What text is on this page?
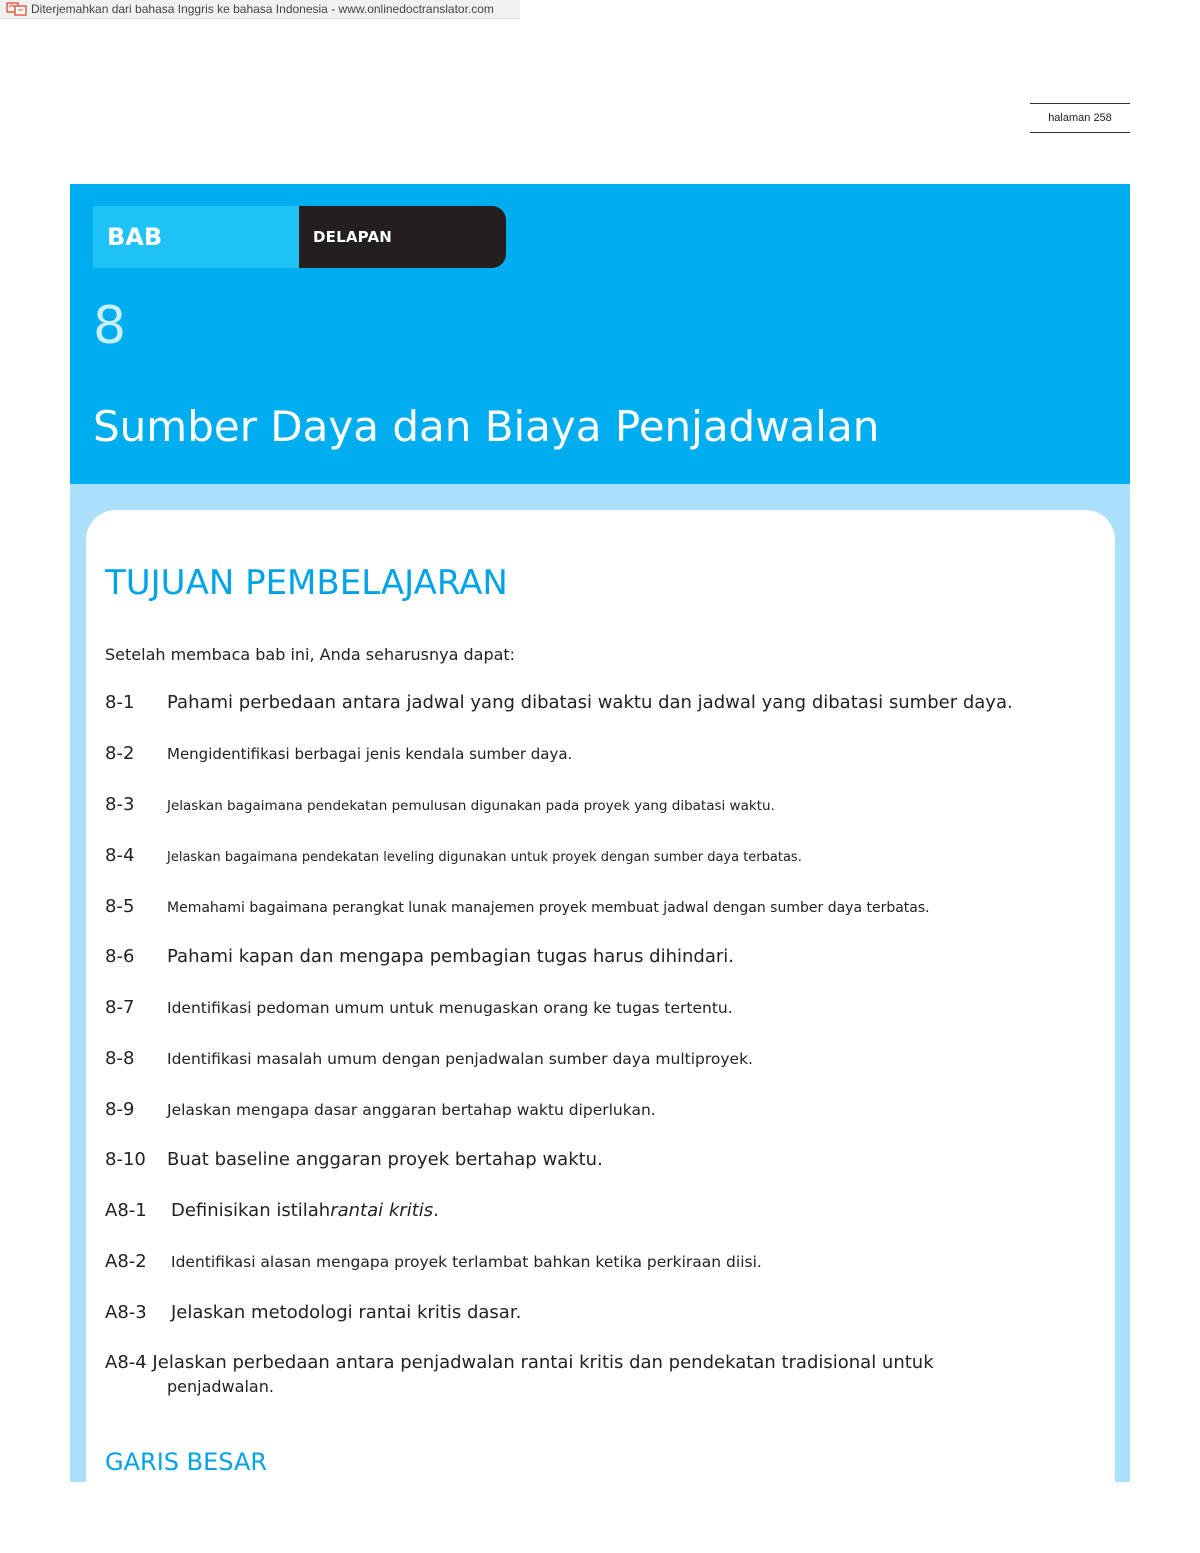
Diterjemahkan dari bahasa Inggris ke bahasa Indonesia - www.onlinedoctranslator.com
halaman 258
BAB	DELAPAN
8
Sumber Daya dan Biaya Penjadwalan
TUJUAN PEMBELAJARAN
Setelah membaca bab ini, Anda seharusnya dapat:
8-1	Pahami perbedaan antara jadwal yang dibatasi waktu dan jadwal yang dibatasi sumber daya.
8-2	Mengidentifikasi berbagai jenis kendala sumber daya.
8-3	Jelaskan bagaimana pendekatan pemulusan digunakan pada proyek yang dibatasi waktu.
8-4	Jelaskan bagaimana pendekatan leveling digunakan untuk proyek dengan sumber daya terbatas.
8-5	Memahami bagaimana perangkat lunak manajemen proyek membuat jadwal dengan sumber daya terbatas.
8-6	Pahami kapan dan mengapa pembagian tugas harus dihindari.
8-7	Identifikasi pedoman umum untuk menugaskan orang ke tugas tertentu.
8-8	Identifikasi masalah umum dengan penjadwalan sumber daya multiproyek.
8-9	Jelaskan mengapa dasar anggaran bertahap waktu diperlukan.
8-10	Buat baseline anggaran proyek bertahap waktu.
A8-1	Definisikan istilahrantai kritis.
A8-2	Identifikasi alasan mengapa proyek terlambat bahkan ketika perkiraan diisi.
A8-3	Jelaskan metodologi rantai kritis dasar.
A8-4 Jelaskan perbedaan antara penjadwalan rantai kritis dan pendekatan tradisional untuk
penjadwalan.
GARIS BESAR
